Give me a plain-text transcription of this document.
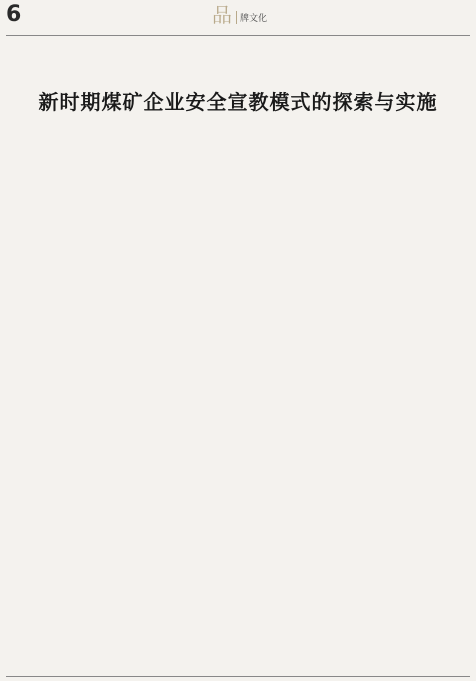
6	品 牌文化
新时期煤矿企业安全宣教模式的探索与实施
